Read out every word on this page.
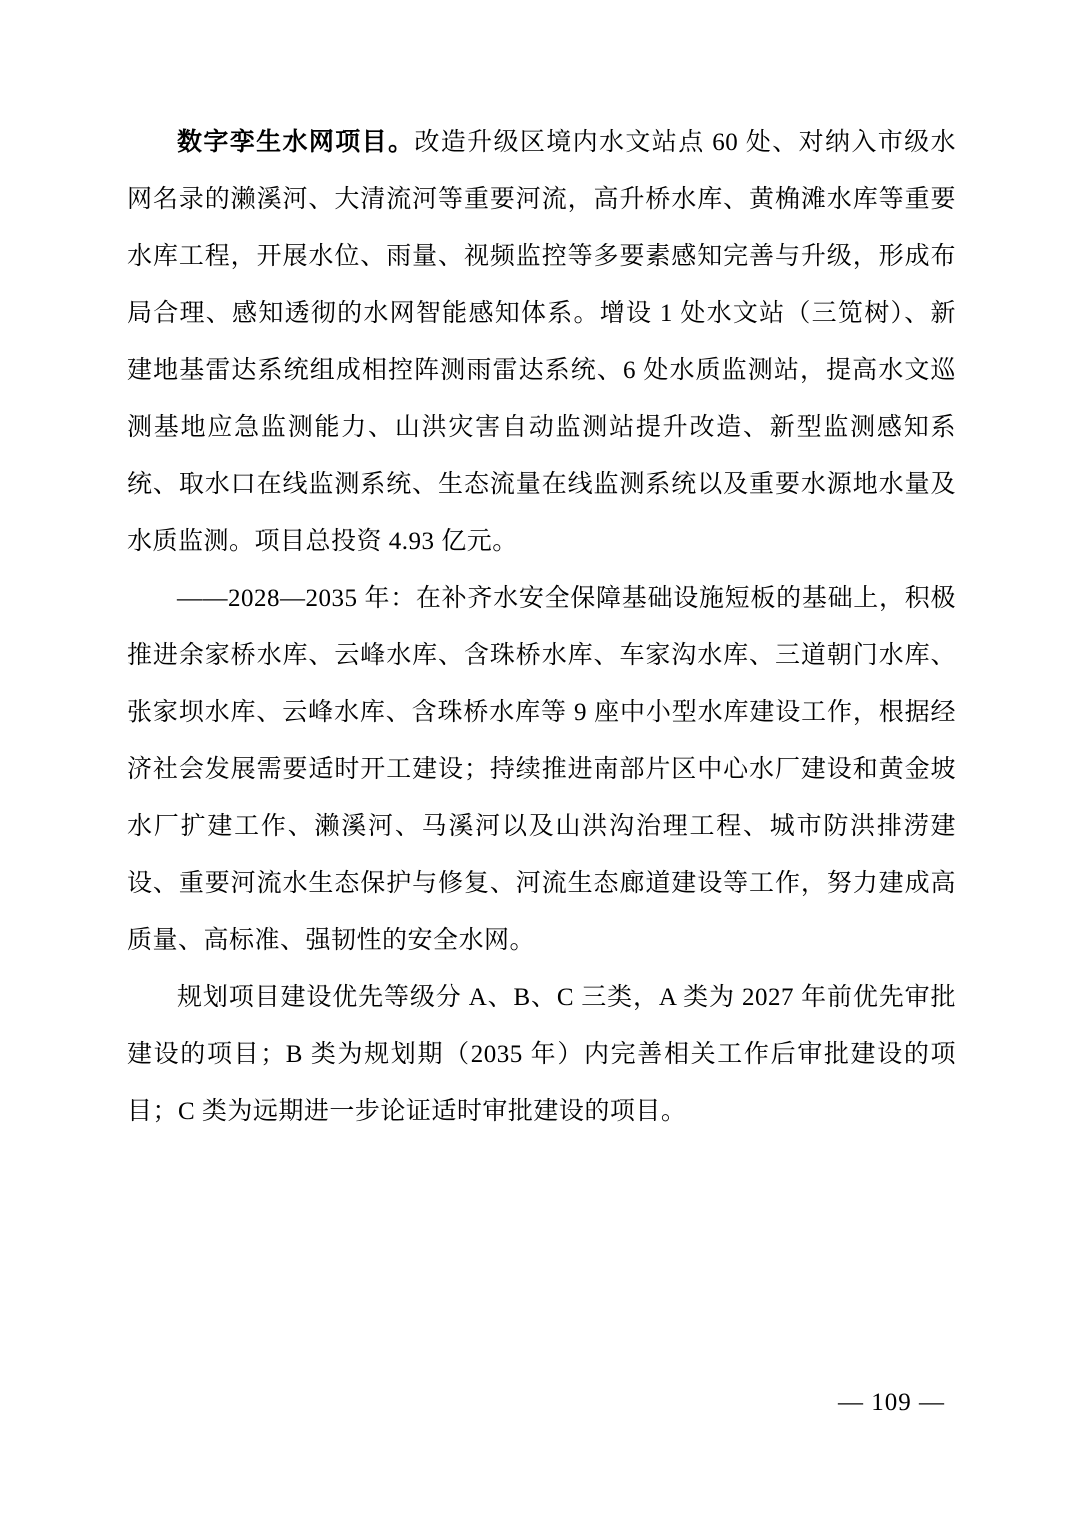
数字孪生水网项目。改造升级区境内水文站点 60 处、对纳入市级水网名录的濑溪河、大清流河等重要河流，高升桥水库、黄桷滩水库等重要水库工程，开展水位、雨量、视频监控等多要素感知完善与升级，形成布局合理、感知透彻的水网智能感知体系。增设 1 处水文站（三笕树）、新建地基雷达系统组成相控阵测雨雷达系统、6 处水质监测站，提高水文巡测基地应急监测能力、山洪灾害自动监测站提升改造、新型监测感知系统、取水口在线监测系统、生态流量在线监测系统以及重要水源地水量及水质监测。项目总投资 4.93 亿元。

——2028—2035 年：在补齐水安全保障基础设施短板的基础上，积极推进余家桥水库、云峰水库、含珠桥水库、车家沟水库、三道朝门水库、张家坝水库、云峰水库、含珠桥水库等 9 座中小型水库建设工作，根据经济社会发展需要适时开工建设；持续推进南部片区中心水厂建设和黄金坡水厂扩建工作、濑溪河、马溪河以及山洪沟治理工程、城市防洪排涝建设、重要河流水生态保护与修复、河流生态廊道建设等工作，努力建成高质量、高标准、强韧性的安全水网。

规划项目建设优先等级分 A、B、C 三类，A 类为 2027 年前优先审批建设的项目；B 类为规划期（2035 年）内完善相关工作后审批建设的项目；C 类为远期进一步论证适时审批建设的项目。

— 109 —
